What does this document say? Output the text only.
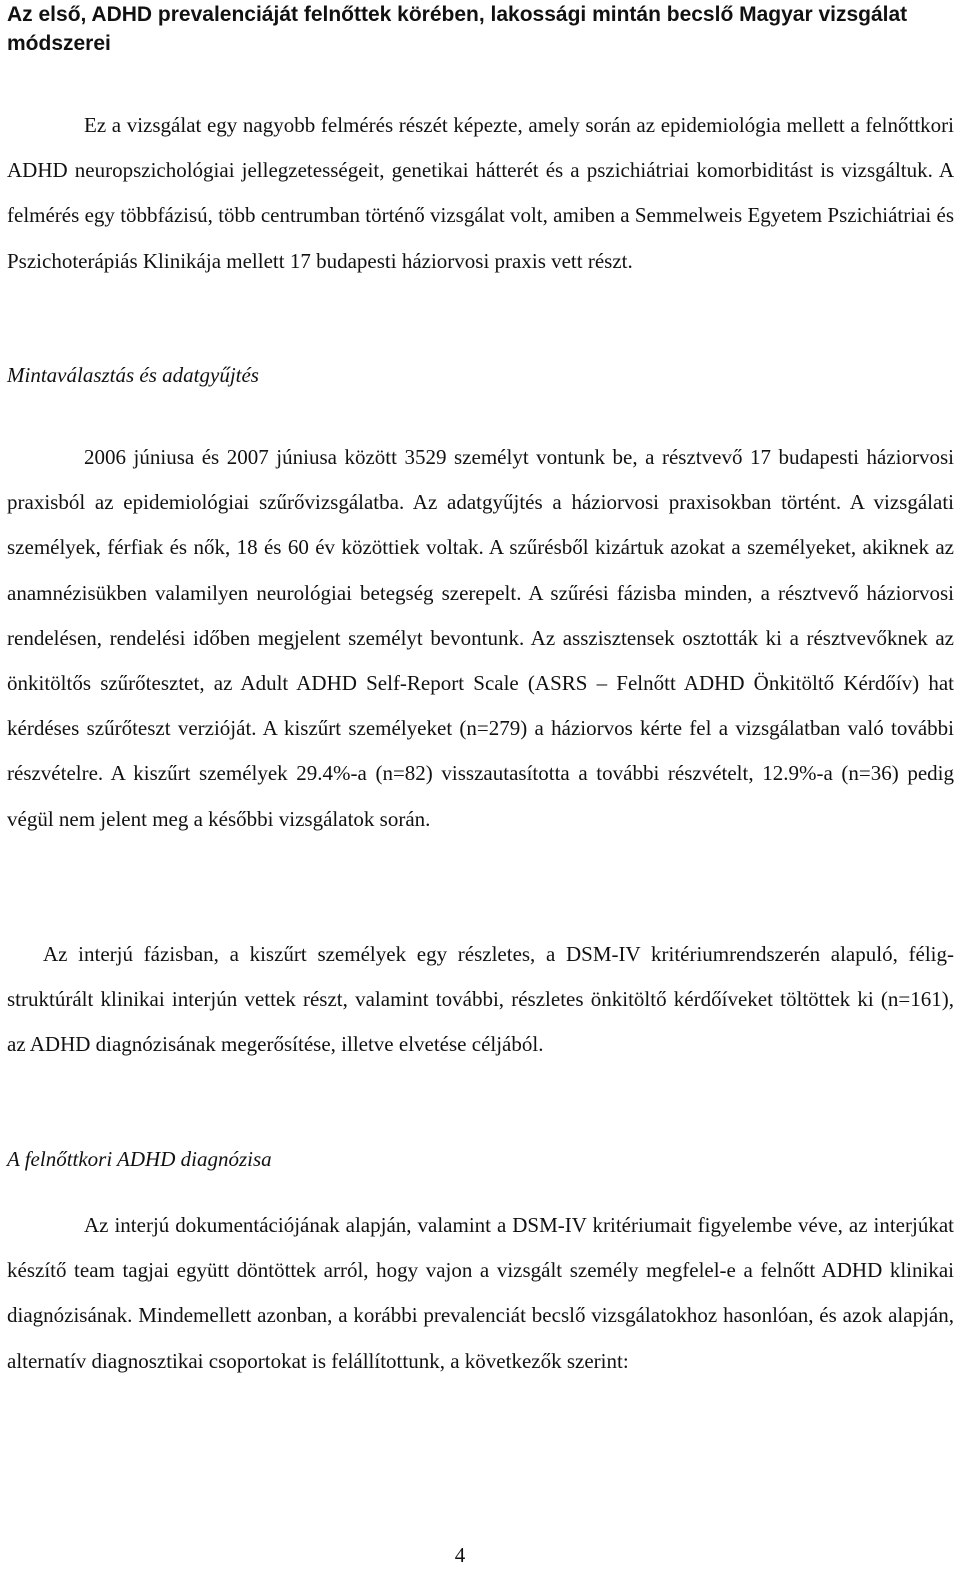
Az első, ADHD prevalenciáját felnőttek körében, lakossági mintán becslő Magyar vizsgálat módszerei

Ez a vizsgálat egy nagyobb felmérés részét képezte, amely során az epidemiológia mellett a felnőttkori ADHD neuropszichológiai jellegzetességeit, genetikai hátterét és a pszichiátriai komorbiditást is vizsgáltuk. A felmérés egy többfázisú, több centrumban történő vizsgálat volt, amiben a Semmelweis Egyetem Pszichiátriai és Pszichoterápiás Klinikája mellett 17 budapesti háziorvosi praxis vett részt.

Mintaválasztás és adatgyűjtés

2006 júniusa és 2007 júniusa között 3529 személyt vontunk be, a résztvevő 17 budapesti háziorvosi praxisból az epidemiológiai szűrővizsgálatba. Az adatgyűjtés a háziorvosi praxisokban történt. A vizsgálati személyek, férfiak és nők, 18 és 60 év közöttiek voltak. A szűrésből kizártuk azokat a személyeket, akiknek az anamnézisükben valamilyen neurológiai betegség szerepelt. A szűrési fázisba minden, a résztvevő háziorvosi rendelésen, rendelési időben megjelent személyt bevontunk. Az asszisztensek osztották ki a résztvevőknek az önkitöltős szűrőtesztet, az Adult ADHD Self-Report Scale (ASRS – Felnőtt ADHD Önkitöltő Kérdőív) hat kérdéses szűrőteszt verzióját. A kiszűrt személyeket (n=279) a háziorvos kérte fel a vizsgálatban való további részvételre. A kiszűrt személyek 29.4%-a (n=82) visszautasította a további részvételt, 12.9%-a (n=36) pedig végül nem jelent meg a későbbi vizsgálatok során.

Az interjú fázisban, a kiszűrt személyek egy részletes, a DSM-IV kritériumrendszerén alapuló, félig-struktúrált klinikai interjún vettek részt, valamint további, részletes önkitöltő kérdőíveket töltöttek ki (n=161), az ADHD diagnózisának megerősítése, illetve elvetése céljából.

A felnőttkori ADHD diagnózisa

Az interjú dokumentációjának alapján, valamint a DSM-IV kritériumait figyelembe véve, az interjúkat készítő team tagjai együtt döntöttek arról, hogy vajon a vizsgált személy megfelel-e a felnőtt ADHD klinikai diagnózisának. Mindemellett azonban, a korábbi prevalenciát becslő vizsgálatokhoz hasonlóan, és azok alapján, alternatív diagnosztikai csoportokat is felállítottunk, a következők szerint:

4
